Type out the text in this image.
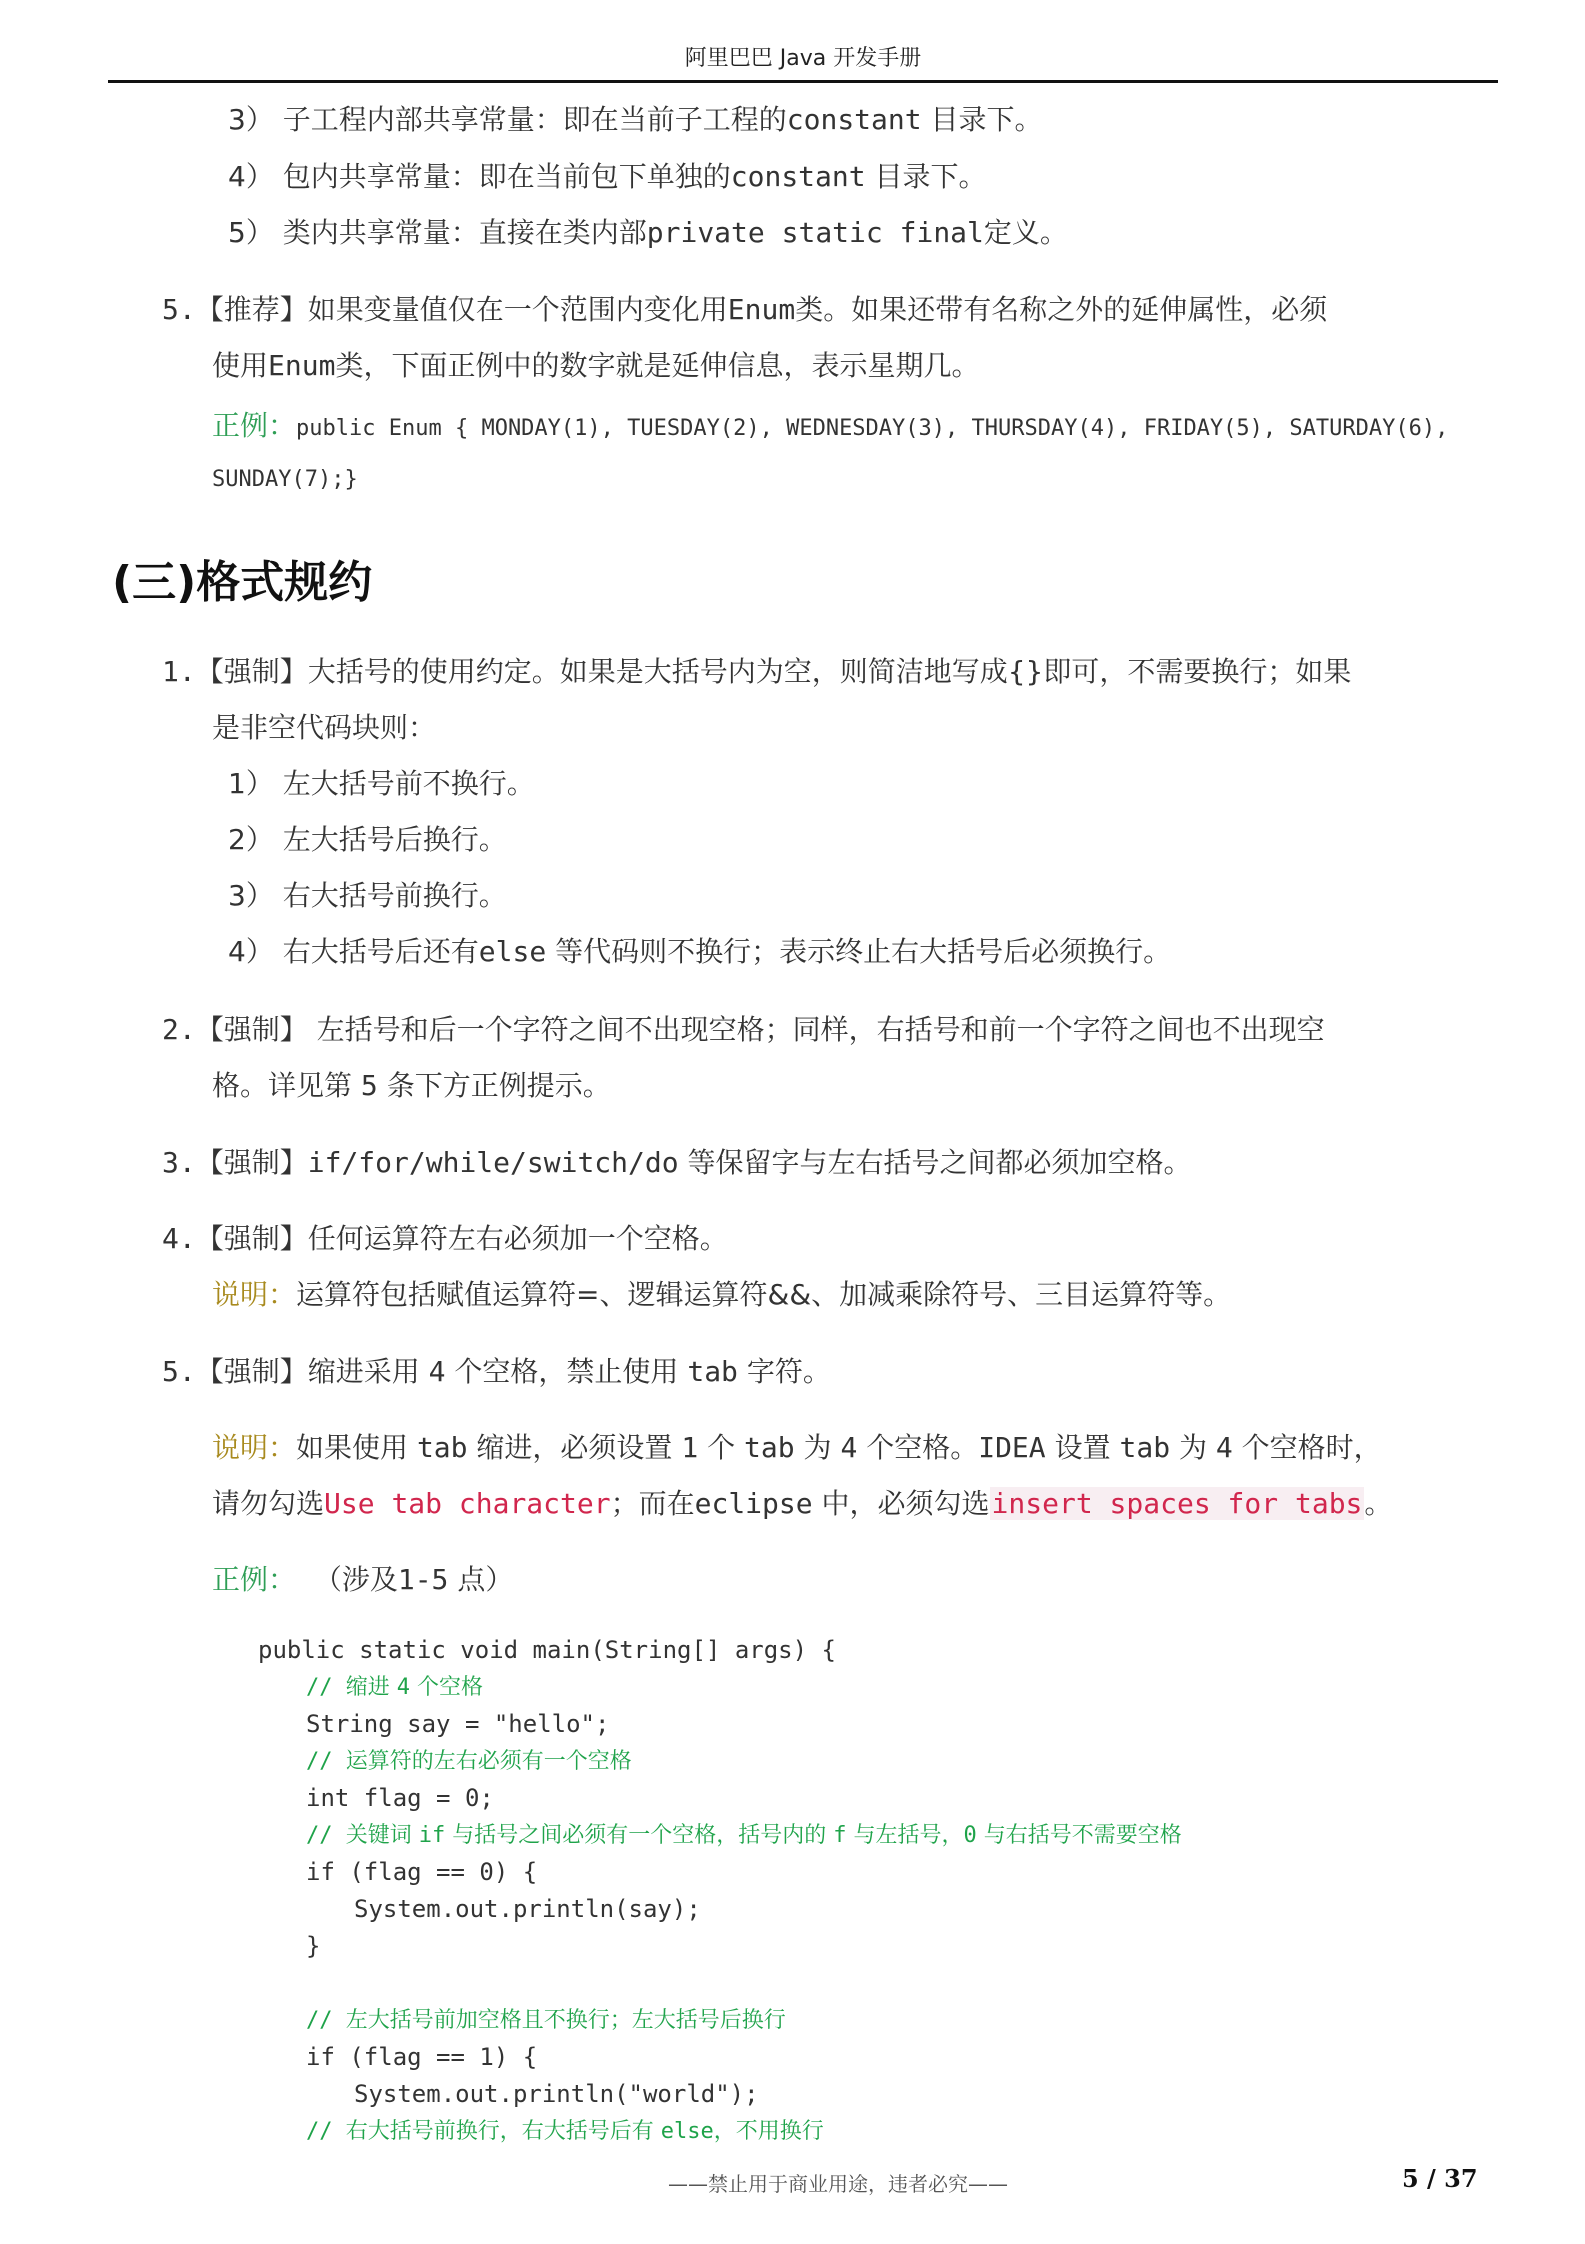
阿里巴巴 Java 开发手册
3） 子工程内部共享常量：即在当前子工程的constant 目录下。
4） 包内共享常量：即在当前包下单独的constant 目录下。
5） 类内共享常量：直接在类内部private static final定义。
5.【推荐】如果变量值仅在一个范围内变化用Enum类。如果还带有名称之外的延伸属性，必须
使用Enum类，下面正例中的数字就是延伸信息，表示星期几。
正例：public Enum { MONDAY(1), TUESDAY(2), WEDNESDAY(3), THURSDAY(4), FRIDAY(5), SATURDAY(6),
SUNDAY(7);}
(三)格式规约
1.【强制】大括号的使用约定。如果是大括号内为空，则简洁地写成{}即可，不需要换行；如果
是非空代码块则：
1） 左大括号前不换行。
2） 左大括号后换行。
3） 右大括号前换行。
4） 右大括号后还有else 等代码则不换行；表示终止右大括号后必须换行。
2.【强制】 左括号和后一个字符之间不出现空格；同样，右括号和前一个字符之间也不出现空
格。详见第 5 条下方正例提示。
3.【强制】if/for/while/switch/do 等保留字与左右括号之间都必须加空格。
4.【强制】任何运算符左右必须加一个空格。
说明：运算符包括赋值运算符=、逻辑运算符&&、加减乘除符号、三目运算符等。
5.【强制】缩进采用 4 个空格，禁止使用 tab 字符。
说明：如果使用 tab 缩进，必须设置 1 个 tab 为 4 个空格。IDEA 设置 tab 为 4 个空格时，
请勿勾选Use tab character；而在eclipse 中，必须勾选insert spaces for tabs。
正例： （涉及1-5 点）
public static void main(String[] args) {
// 缩进 4 个空格
String say = "hello";
// 运算符的左右必须有一个空格
int flag = 0;
// 关键词 if 与括号之间必须有一个空格，括号内的 f 与左括号，0 与右括号不需要空格
if (flag == 0) {
System.out.println(say);
}
// 左大括号前加空格且不换行；左大括号后换行
if (flag == 1) {
System.out.println("world");
// 右大括号前换行，右大括号后有 else，不用换行
——禁止用于商业用途，违者必究——	5 / 37
